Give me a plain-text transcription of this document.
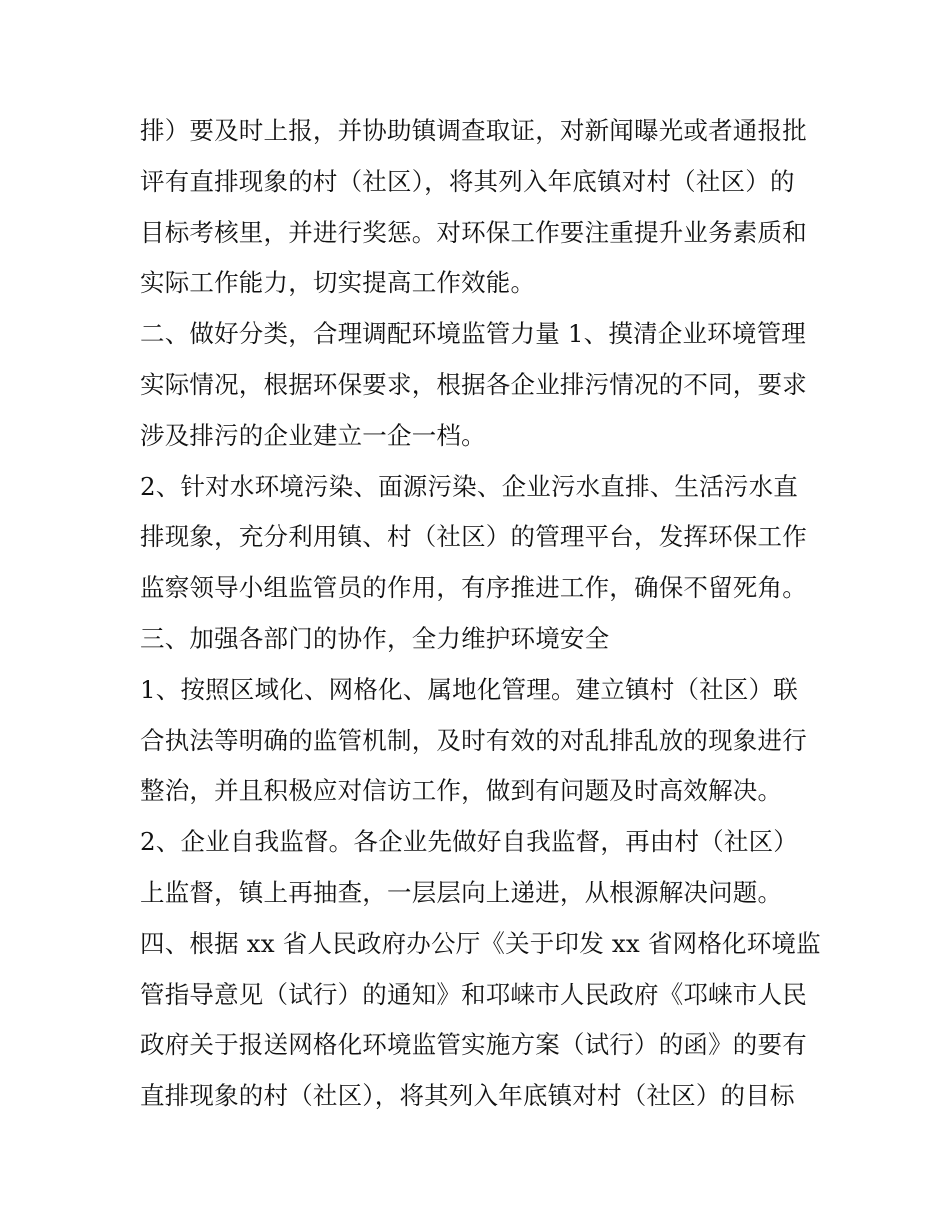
排）要及时上报，并协助镇调查取证，对新闻曝光或者通报批
评有直排现象的村（社区），将其列入年底镇对村（社区）的
目标考核里，并进行奖惩。对环保工作要注重提升业务素质和
实际工作能力，切实提高工作效能。
二、做好分类，合理调配环境监管力量 1、摸清企业环境管理
实际情况，根据环保要求，根据各企业排污情况的不同，要求
涉及排污的企业建立一企一档。
2、针对水环境污染、面源污染、企业污水直排、生活污水直
排现象，充分利用镇、村（社区）的管理平台，发挥环保工作
监察领导小组监管员的作用，有序推进工作，确保不留死角。
三、加强各部门的协作，全力维护环境安全
1、按照区域化、网格化、属地化管理。建立镇村（社区）联
合执法等明确的监管机制，及时有效的对乱排乱放的现象进行
整治，并且积极应对信访工作，做到有问题及时高效解决。
2、企业自我监督。各企业先做好自我监督，再由村（社区）
上监督，镇上再抽查，一层层向上递进，从根源解决问题。
四、根据 xx 省人民政府办公厅《关于印发 xx 省网格化环境监
管指导意见（试行）的通知》和邛崃市人民政府《邛崃市人民
政府关于报送网格化环境监管实施方案（试行）的函》的要有
直排现象的村（社区），将其列入年底镇对村（社区）的目标
